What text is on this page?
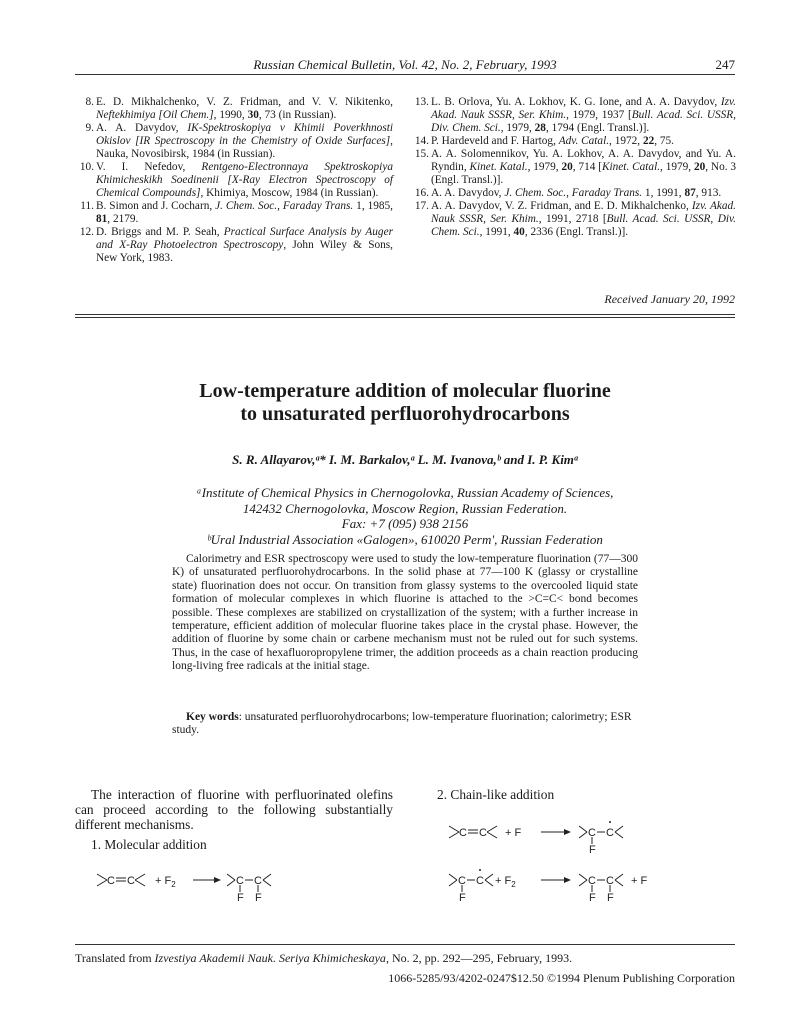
Russian Chemical Bulletin, Vol. 42, No. 2, February, 1993	247
8. E. D. Mikhalchenko, V. Z. Fridman, and V. V. Nikitenko, Neftekhimiya [Oil Chem.], 1990, 30, 73 (in Russian).
9. A. A. Davydov, IK-Spektroskopiya v Khimii Poverkhnosti Okislov [IR Spectroscopy in the Chemistry of Oxide Surfaces], Nauka, Novosibirsk, 1984 (in Russian).
10. V. I. Nefedov, Rentgeno-Electronnaya Spektroskopiya Khimicheskikh Soedinenii [X-Ray Electron Spectroscopy of Chemical Compounds], Khimiya, Moscow, 1984 (in Russian).
11. B. Simon and J. Cocharn, J. Chem. Soc., Faraday Trans. 1, 1985, 81, 2179.
12. D. Briggs and M. P. Seah, Practical Surface Analysis by Auger and X-Ray Photoelectron Spectroscopy, John Wiley & Sons, New York, 1983.
13. L. B. Orlova, Yu. A. Lokhov, K. G. Ione, and A. A. Davydov, Izv. Akad. Nauk SSSR, Ser. Khim., 1979, 1937 [Bull. Acad. Sci. USSR, Div. Chem. Sci., 1979, 28, 1794 (Engl. Transl.)].
14. P. Hardeveld and F. Hartog, Adv. Catal., 1972, 22, 75.
15. A. A. Solomennikov, Yu. A. Lokhov, A. A. Davydov, and Yu. A. Ryndin, Kinet. Katal., 1979, 20, 714 [Kinet. Catal., 1979, 20, No. 3 (Engl. Transl.)].
16. A. A. Davydov, J. Chem. Soc., Faraday Trans. 1, 1991, 87, 913.
17. A. A. Davydov, V. Z. Fridman, and E. D. Mikhalchenko, Izv. Akad. Nauk SSSR, Ser. Khim., 1991, 2718 [Bull. Acad. Sci. USSR, Div. Chem. Sci., 1991, 40, 2336 (Engl. Transl.)].
Received January 20, 1992
Low-temperature addition of molecular fluorine
to unsaturated perfluorohydrocarbons
S. R. Allayarov,ᵃ* I. M. Barkalov,ᵃ L. M. Ivanova,ᵇ and I. P. Kimᵃ
ᵃInstitute of Chemical Physics in Chernogolovka, Russian Academy of Sciences,
142432 Chernogolovka, Moscow Region, Russian Federation.
Fax: +7 (095) 938 2156
ᵇUral Industrial Association «Galogen», 610020 Perm', Russian Federation
Calorimetry and ESR spectroscopy were used to study the low-temperature fluorination (77—300 K) of unsaturated perfluorohydrocarbons. In the solid phase at 77—100 K (glassy or crystalline state) fluorination does not occur. On transition from glassy systems to the overcooled liquid state formation of molecular complexes in which fluorine is attached to the >C=C< bond becomes possible. These complexes are stabilized on crystallization of the system; with a further increase in temperature, efficient addition of molecular fluorine takes place in the crystal phase. However, the addition of fluorine by some chain or carbene mechanism must not be ruled out for such systems. Thus, in the case of hexafluoropropylene trimer, the addition proceeds as a chain reaction producing long-living free radicals at the initial stage.
Key words: unsaturated perfluorohydrocarbons; low-temperature fluorination; calorimetry; ESR study.
The interaction of fluorine with perfluorinated olefins can proceed according to the following substantially different mechanisms.
1. Molecular addition
2. Chain-like addition
C $C + F_2$	C C
F F
C C + F	C C
F
C $C + F_2$	C C + F
F	F F
Translated from Izvestiya Akademii Nauk. Seriya Khimicheskaya, No. 2, pp. 292—295, February, 1993.
1066-5285/93/4202-0247$12.50 ©1994 Plenum Publishing Corporation
